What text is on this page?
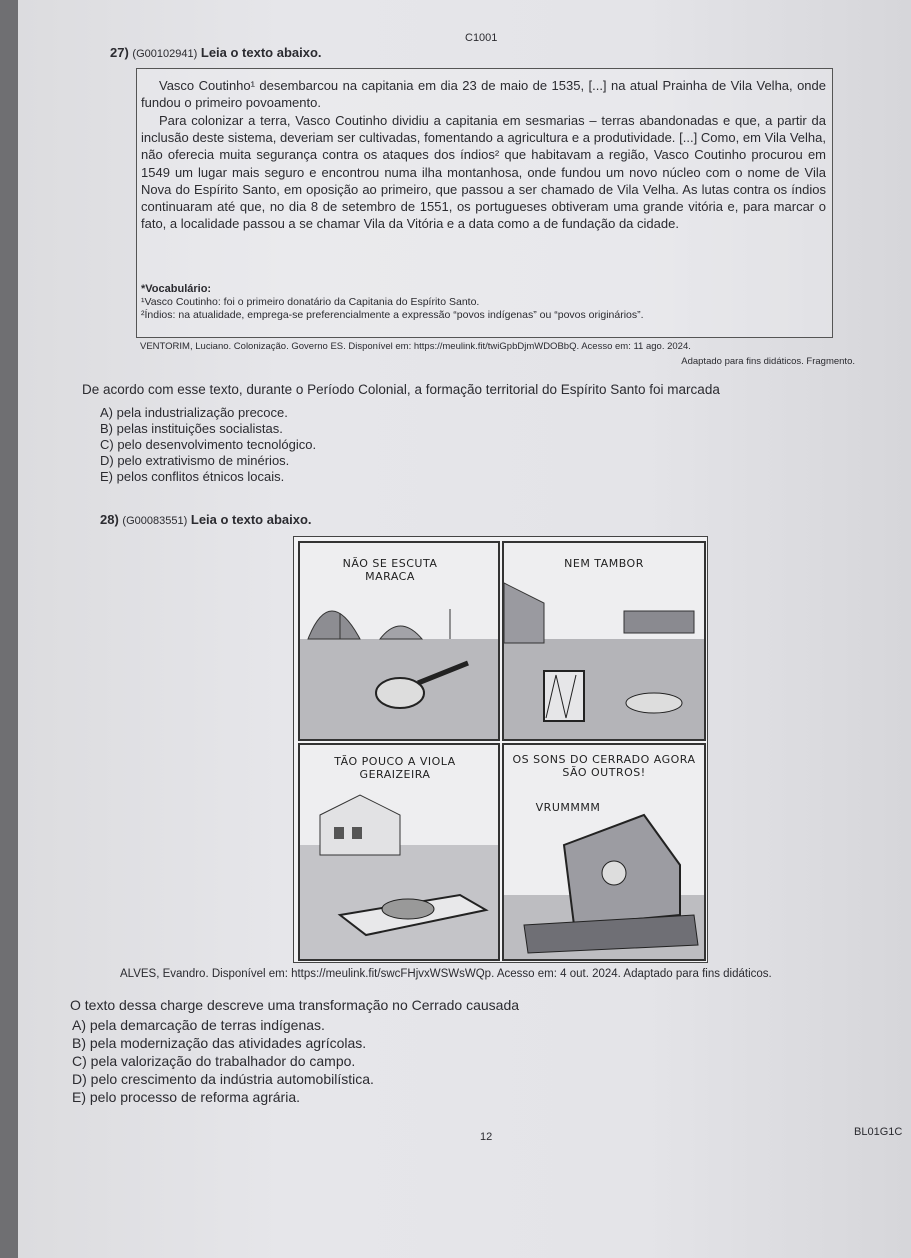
C1001
27) (G00102941) Leia o texto abaixo.

Vasco Coutinho¹ desembarcou na capitania em dia 23 de maio de 1535, [...] na atual Prainha de Vila Velha, onde fundou o primeiro povoamento.

Para colonizar a terra, Vasco Coutinho dividiu a capitania em sesmarias – terras abandonadas e que, a partir da inclusão deste sistema, deveriam ser cultivadas, fomentando a agricultura e a produtividade. [...] Como, em Vila Velha, não oferecia muita segurança contra os ataques dos índios² que habitavam a região, Vasco Coutinho procurou em 1549 um lugar mais seguro e encontrou numa ilha montanhosa, onde fundou um novo núcleo com o nome de Vila Nova do Espírito Santo, em oposição ao primeiro, que passou a ser chamado de Vila Velha. As lutas contra os índios continuaram até que, no dia 8 de setembro de 1551, os portugueses obtiveram uma grande vitória e, para marcar o fato, a localidade passou a se chamar Vila da Vitória e a data como a de fundação da cidade.

*Vocabulário:
¹Vasco Coutinho: foi o primeiro donatário da Capitania do Espírito Santo.
²Índios: na atualidade, emprega-se preferencialmente a expressão “povos indígenas” ou “povos originários”.
VENTORIM, Luciano. Colonização. Governo ES. Disponível em: https://meulink.fit/twiGpbDjmWDOBbQ. Acesso em: 11 ago. 2024.
Adaptado para fins didáticos. Fragmento.
De acordo com esse texto, durante o Período Colonial, a formação territorial do Espírito Santo foi marcada
A) pela industrialização precoce.
B) pelas instituições socialistas.
C) pelo desenvolvimento tecnológico.
D) pelo extrativismo de minérios.
E) pelos conflitos étnicos locais.
28) (G00083551) Leia o texto abaixo.
NÃO SE ESCUTA MARACA
NEM TAMBOR
TÃO POUCO A VIOLA GERAIZEIRA
OS SONS DO CERRADO AGORA SÃO OUTROS!
VRUMMMM
ALVES, Evandro. Disponível em: https://meulink.fit/swcFHjvxWSWsWQp. Acesso em: 4 out. 2024. Adaptado para fins didáticos.
O texto dessa charge descreve uma transformação no Cerrado causada
A) pela demarcação de terras indígenas.
B) pela modernização das atividades agrícolas.
C) pela valorização do trabalhador do campo.
D) pelo crescimento da indústria automobilística.
E) pelo processo de reforma agrária.
12	BL01G1C
